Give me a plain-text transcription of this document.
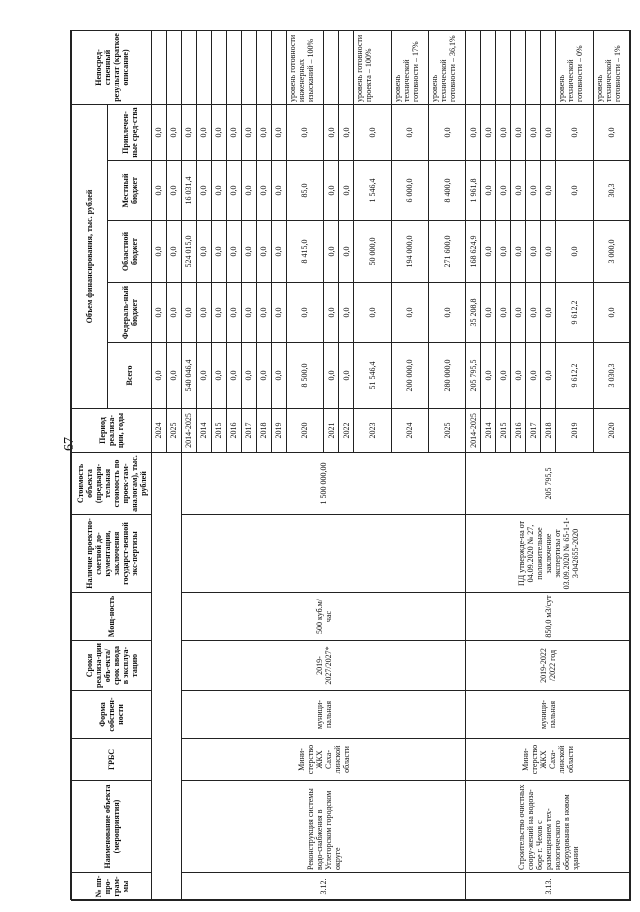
67
№ пп-про-грам-мы	Наименование объекта (мероприятия)	ГРБС	Форма собствен-ности	Сроки реализа-ции объ-екта/срок ввода в эксплуа-тацию	Мощ-ность	Наличие проектно-сметной до-кументации, заключения государст-венной экс-пертизы	Стоимость объекта (предвари-тельная стоимость по проек-там-аналогам), тыс. рублей	Период реализа-ции, годы	Объем финансирования, тыс. рублей					Непосред-ственный результат (краткое описание)
									Всего	Федераль-ный бюджет	Областной бюджет	Местный бюджет	Привлечен-ные сред-ства	
								2024	0,0	0,0	0,0	0,0	0,0	
								2025	0,0	0,0	0,0	0,0	0,0	
3.12.	Реконструкция системы водо-снабжения в Углегорском городском округе	Мини-стерство ЖКХ Саха-линской области	муници-пальная	2019-2027/2027*	500 куб.м/час		1 500 000,00	2014-2025	540 046,4	0,0	524 015,0	16 031,4	0,0	
								2014	0,0	0,0	0,0	0,0	0,0	
								2015	0,0	0,0	0,0	0,0	0,0	
								2016	0,0	0,0	0,0	0,0	0,0	
								2017	0,0	0,0	0,0	0,0	0,0	
								2018	0,0	0,0	0,0	0,0	0,0	
								2019	0,0	0,0	0,0	0,0	0,0	
								2020	8 500,0	0,0	8 415,0	85,0	0,0	уровень готовности инженерных изысканий – 100%
								2021	0,0	0,0	0,0	0,0	0,0	
								2022	0,0	0,0	0,0	0,0	0,0	
								2023	51 546,4	0,0	50 000,0	1 546,4	0,0	уровень готовности проекта – 100%
								2024	200 000,0	0,0	194 000,0	6 000,0	0,0	уровень технической готовности – 17%
								2025	280 000,0	0,0	271 600,0	8 400,0	0,0	уровень технической готовности – 36,1%
3.13.	Строительство очистных соору-жений на водоза-боре г. Чехов с размещением тех-нологического оборудования в новом здании	Мини-стерство ЖКХ Саха-линской области	муници-пальная	2019-2022 /2022 год	850,0 м3/сут	ПД утвержде-на от 04.09.2020 № 27, положительное заключение экспертизы от 03.09.2020 № 65-1-1-3-042655-2020	205 795,5	2014-2025	205 795,5	35 208,8	168 624,9	1 961,8	0,0	
								2014	0,0	0,0	0,0	0,0	0,0	
								2015	0,0	0,0	0,0	0,0	0,0	
								2016	0,0	0,0	0,0	0,0	0,0	
								2017	0,0	0,0	0,0	0,0	0,0	
								2018	0,0	0,0	0,0	0,0	0,0	
								2019	9 612,2	9 612,2	0,0	0,0	0,0	уровень технической готовности – 0%
								2020	3 030,3	0,0	3 000,0	30,3	0,0	уровень технической готовности – 1%
